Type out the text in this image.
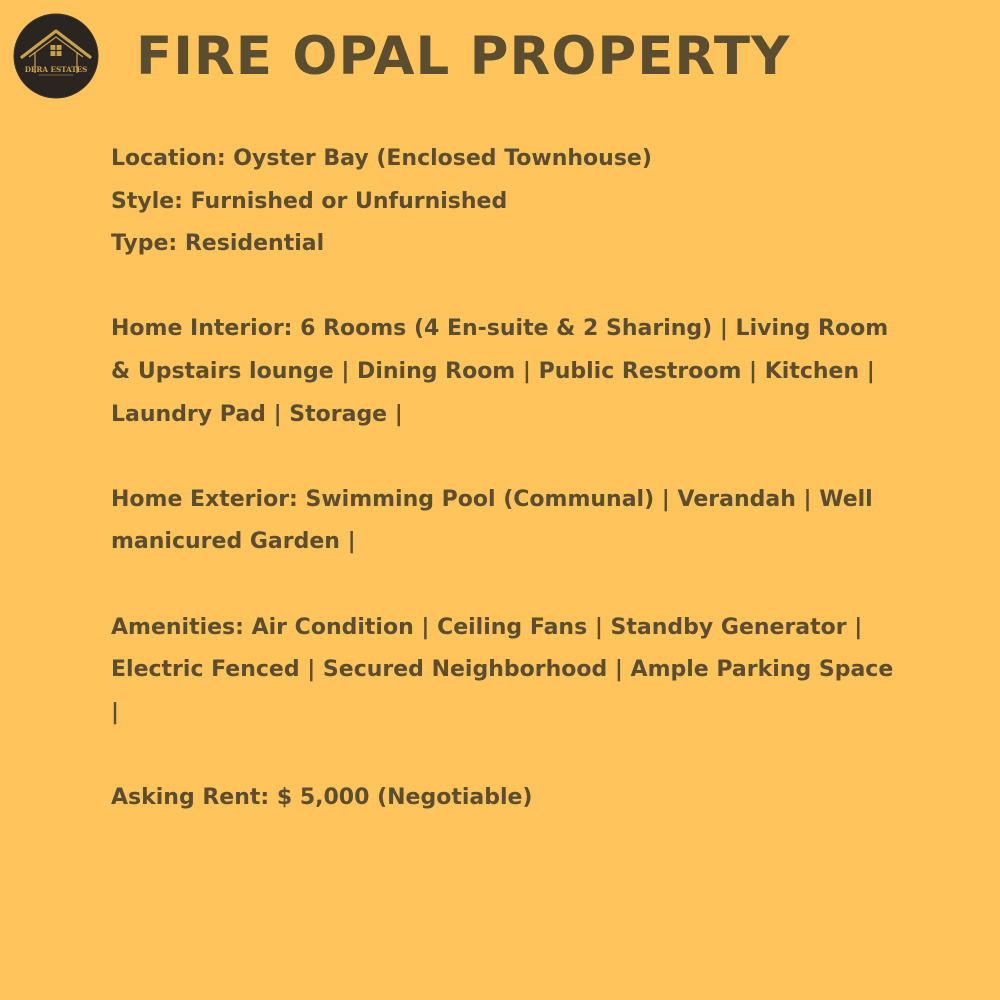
DERA ESTATES FIRE OPAL PROPERTY

Location: Oyster Bay (Enclosed Townhouse)

Style: Furnished or Unfurnished

Type: Residential

Home Interior: 6 Rooms (4 En-suite & 2 Sharing) | Living Room & Upstairs lounge | Dining Room | Public Restroom | Kitchen | Laundry Pad | Storage |

Home Exterior: Swimming Pool (Communal) | Verandah | Well manicured Garden |

Amenities: Air Condition | Ceiling Fans | Standby Generator | Electric Fenced | Secured Neighborhood | Ample Parking Space |

Asking Rent: $ 5,000 (Negotiable)
